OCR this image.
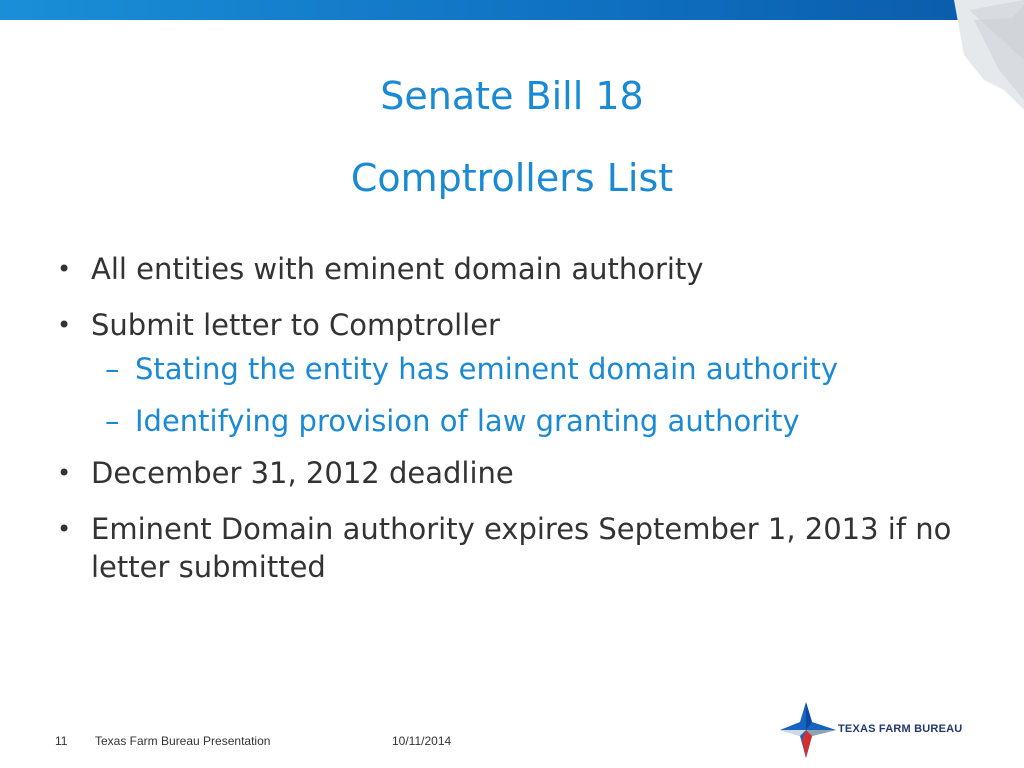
Senate Bill 18
Comptrollers List
• All entities with eminent domain authority
• Submit letter to Comptroller
– Stating the entity has eminent domain authority
– Identifying provision of law granting authority
• December 31, 2012 deadline
• Eminent Domain authority expires September 1, 2013 if no letter submitted
11 Texas Farm Bureau Presentation	10/11/2014
TEXAS FARM BUREAU
